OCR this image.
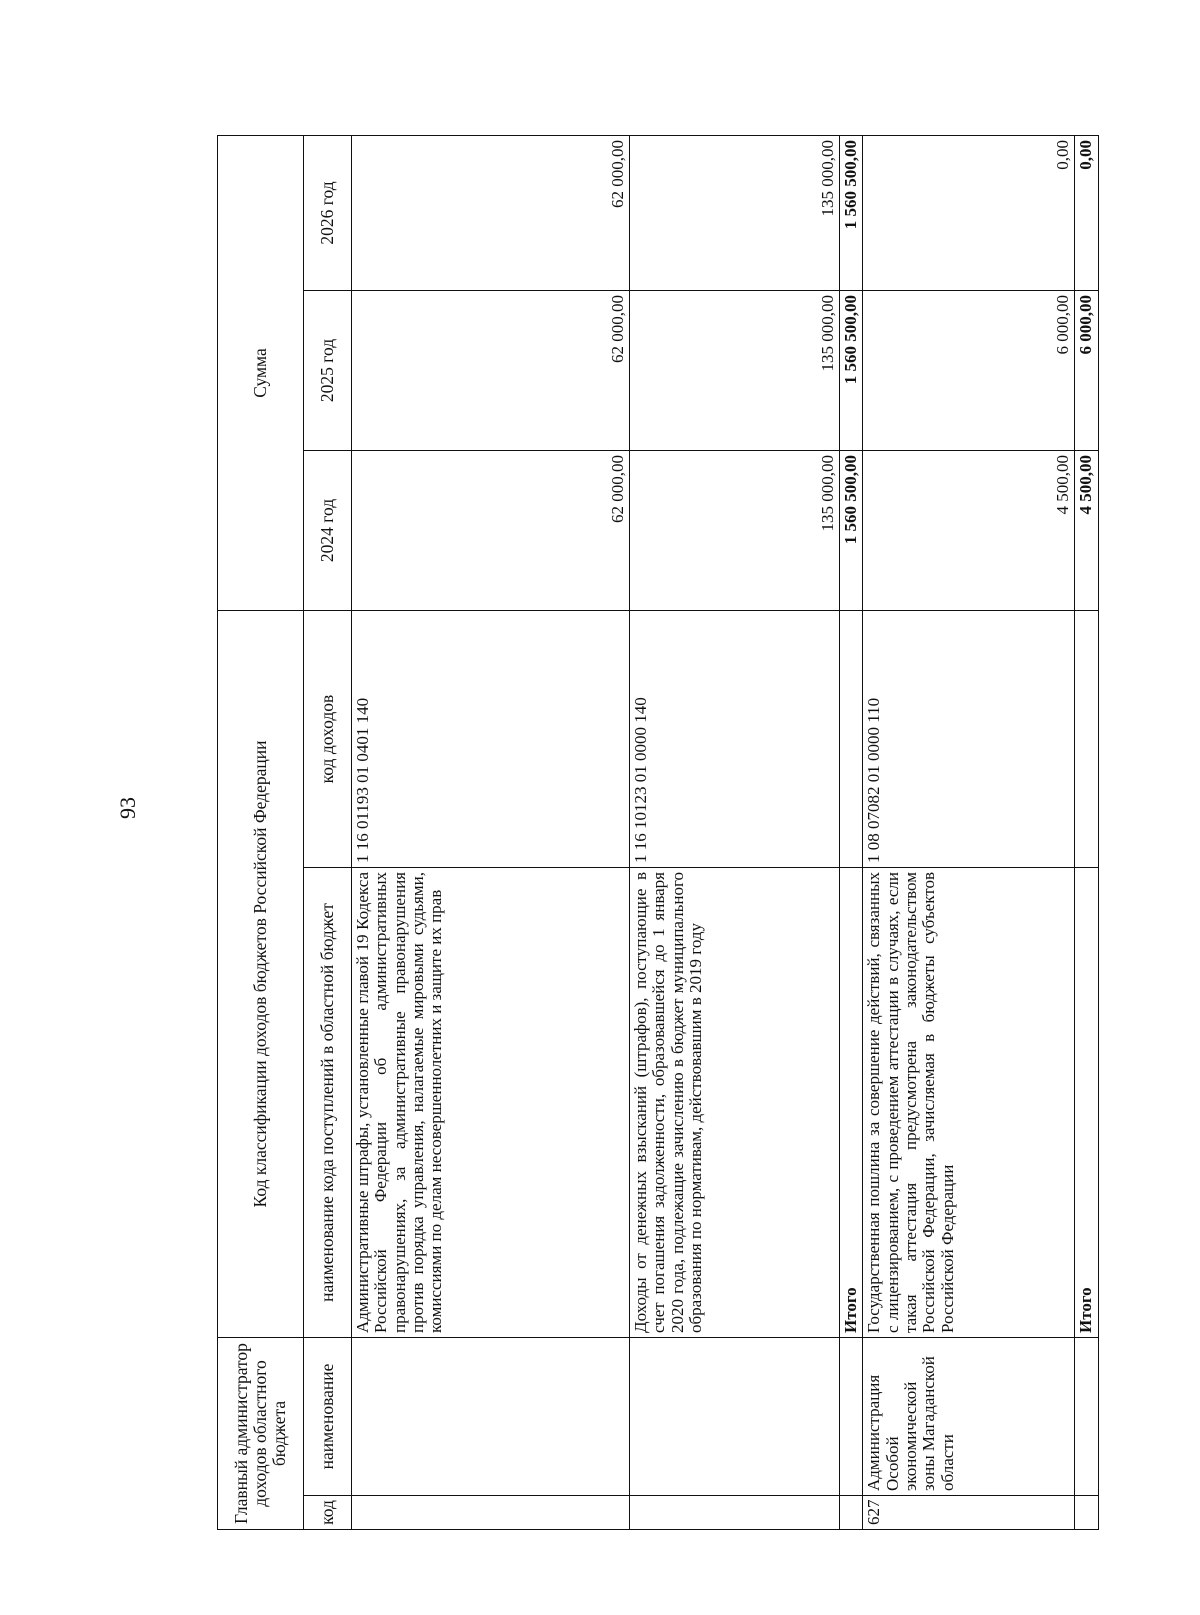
93
Главный администратор доходов областного бюджета		Код классификации доходов бюджетов Российской Федерации		Сумма		
код	наименование	наименование кода поступлений в областной бюджет	код доходов	2024 год	2025 год	2026 год
		Административные штрафы, установленные главой 19 Кодекса Российской Федерации об административных правонарушениях, за административные правонарушения против порядка управления, налагаемые мировыми судьями, комиссиями по делам несовершеннолетних и защите их прав	1 16 01193 01 0401 140	62 000,00	62 000,00	62 000,00
		Доходы от денежных взысканий (штрафов), поступающие в счет погашения задолженности, образовавшейся до 1 января 2020 года, подлежащие зачислению в бюджет муниципального образования по нормативам, действовавшим в 2019 году	1 16 10123 01 0000 140	135 000,00	135 000,00	135 000,00
		Итого		1 560 500,00	1 560 500,00	1 560 500,00
627	Администрация Особой экономической зоны Магаданской области	Государственная пошлина за совершение действий, связанных с лицензированием, с проведением аттестации в случаях, если такая аттестация предусмотрена законодательством Российской Федерации, зачисляемая в бюджеты субъектов Российской Федерации	1 08 07082 01 0000 110	4 500,00	6 000,00	0,00
		Итого		4 500,00	6 000,00	0,00
